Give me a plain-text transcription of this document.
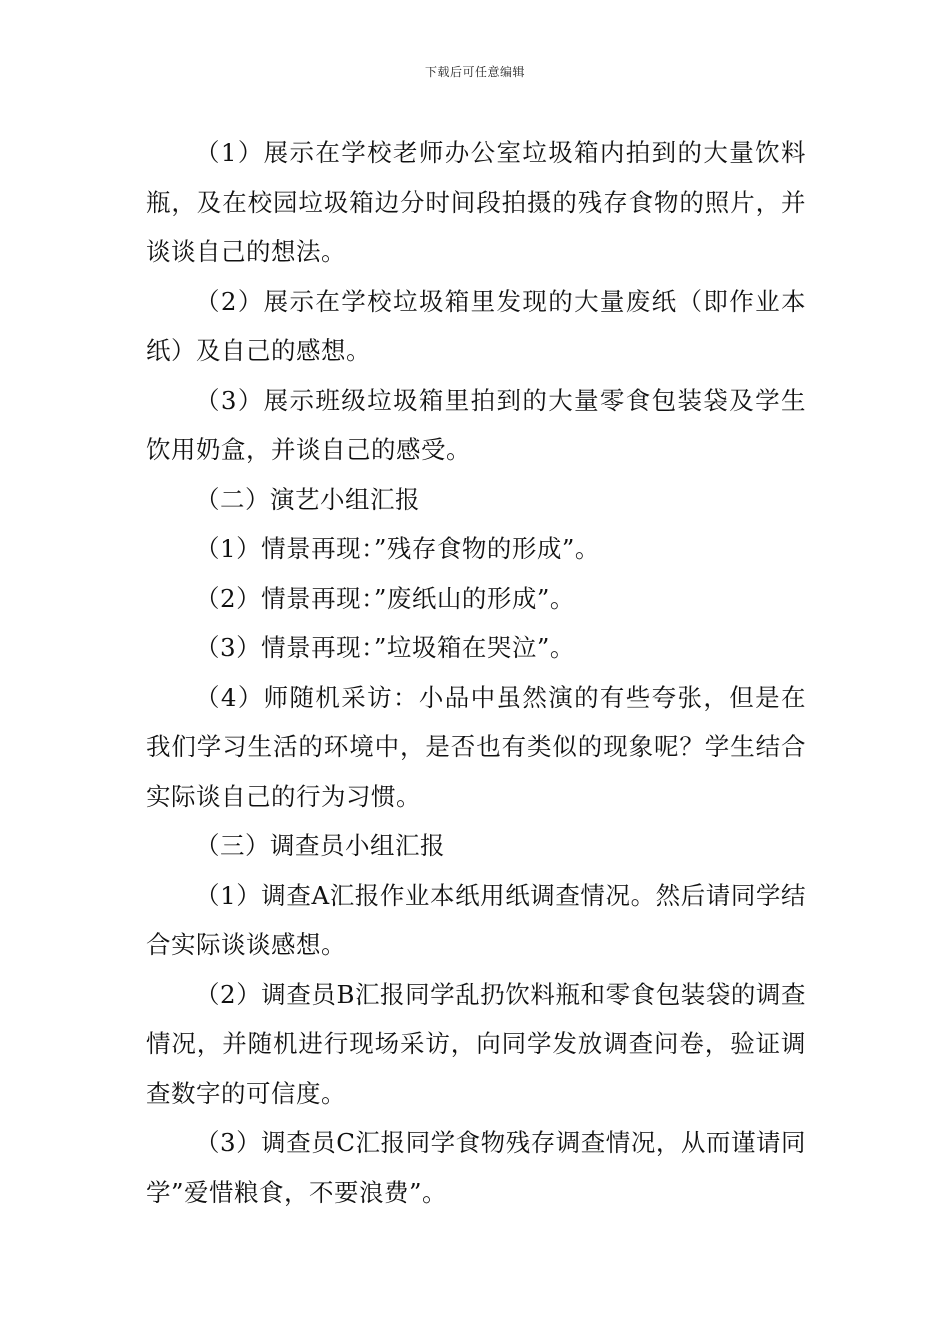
下载后可任意编辑

（1）展示在学校老师办公室垃圾箱内拍到的大量饮料瓶，及在校园垃圾箱边分时间段拍摄的残存食物的照片，并谈谈自己的想法。

（2）展示在学校垃圾箱里发现的大量废纸（即作业本纸）及自己的感想。

（3）展示班级垃圾箱里拍到的大量零食包装袋及学生饮用奶盒，并谈自己的感受。

（二）演艺小组汇报

（1）情景再现：”残存食物的形成”。

（2）情景再现：”废纸山的形成”。

（3）情景再现：”垃圾箱在哭泣”。

（4）师随机采访：小品中虽然演的有些夸张，但是在我们学习生活的环境中，是否也有类似的现象呢？学生结合实际谈自己的行为习惯。

（三）调查员小组汇报

（1）调查A汇报作业本纸用纸调查情况。然后请同学结合实际谈谈感想。

（2）调查员B汇报同学乱扔饮料瓶和零食包装袋的调查情况，并随机进行现场采访，向同学发放调查问卷，验证调查数字的可信度。

（3）调查员C汇报同学食物残存调查情况，从而谨请同学”爱惜粮食，不要浪费”。
